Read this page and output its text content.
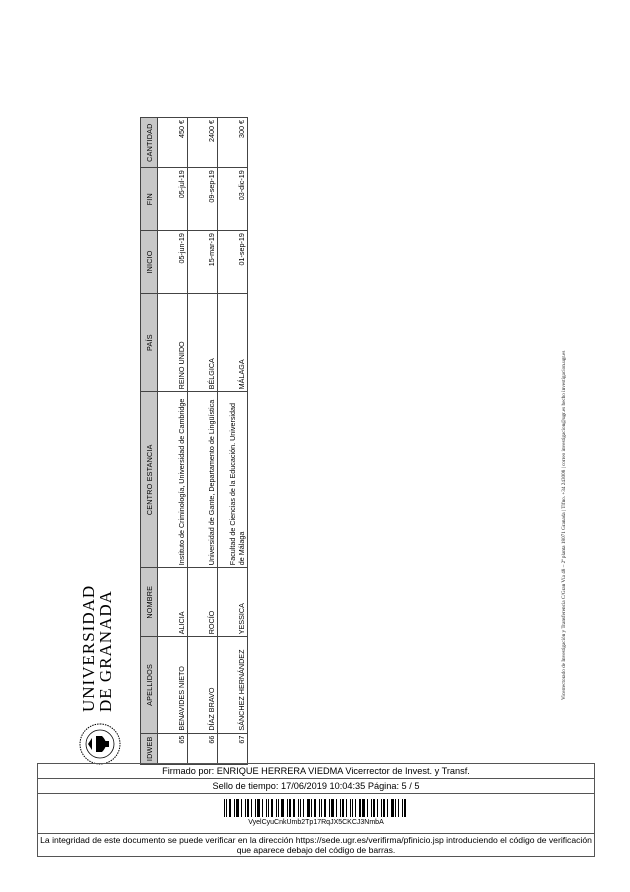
UNIVERSIDAD
DE GRANADA
IDWEB	APELLIDOS	NOMBRE	CENTRO ESTANCIA	PAÍS	INICIO	FIN	CANTIDAD
65	BENAVIDES NIETO	ALICIA	Instituto de Criminología, Universidad de Cambridge	REINO UNIDO	05-jun-19	05-jul-19	450 €
66	DÍAZ BRAVO	ROCÍO	Universidad de Gante, Departamento de Lingüística	BÉLGICA	15-mar-19	09-sep-19	2400 €
67	SÁNCHEZ HERNÁNDEZ	YESSICA	Facultad de Ciencias de la Educación. Universidad de Málaga	MÁLAGA	01-sep-19	03-dic-19	300 €
Vicerrectorado de Investigación y Transferencia C/Gran Vía 48 – 2ª planta 18071 Granada | Tlfno. +34 243008 | correo investigacion@ugr.es hecho investigacion.ugr.es
Firmado por: ENRIQUE HERRERA VIEDMA Vicerrector de Invest. y Transf.
Sello de tiempo: 17/06/2019 10:04:35 Página: 5 / 5
VyelCyuCnkUmb2Tp17RqJX5CKCJ3NmbA
La integridad de este documento se puede verificar en la dirección https://sede.ugr.es/verifirma/pfinicio.jsp introduciendo el código de verificación que aparece debajo del código de barras.
